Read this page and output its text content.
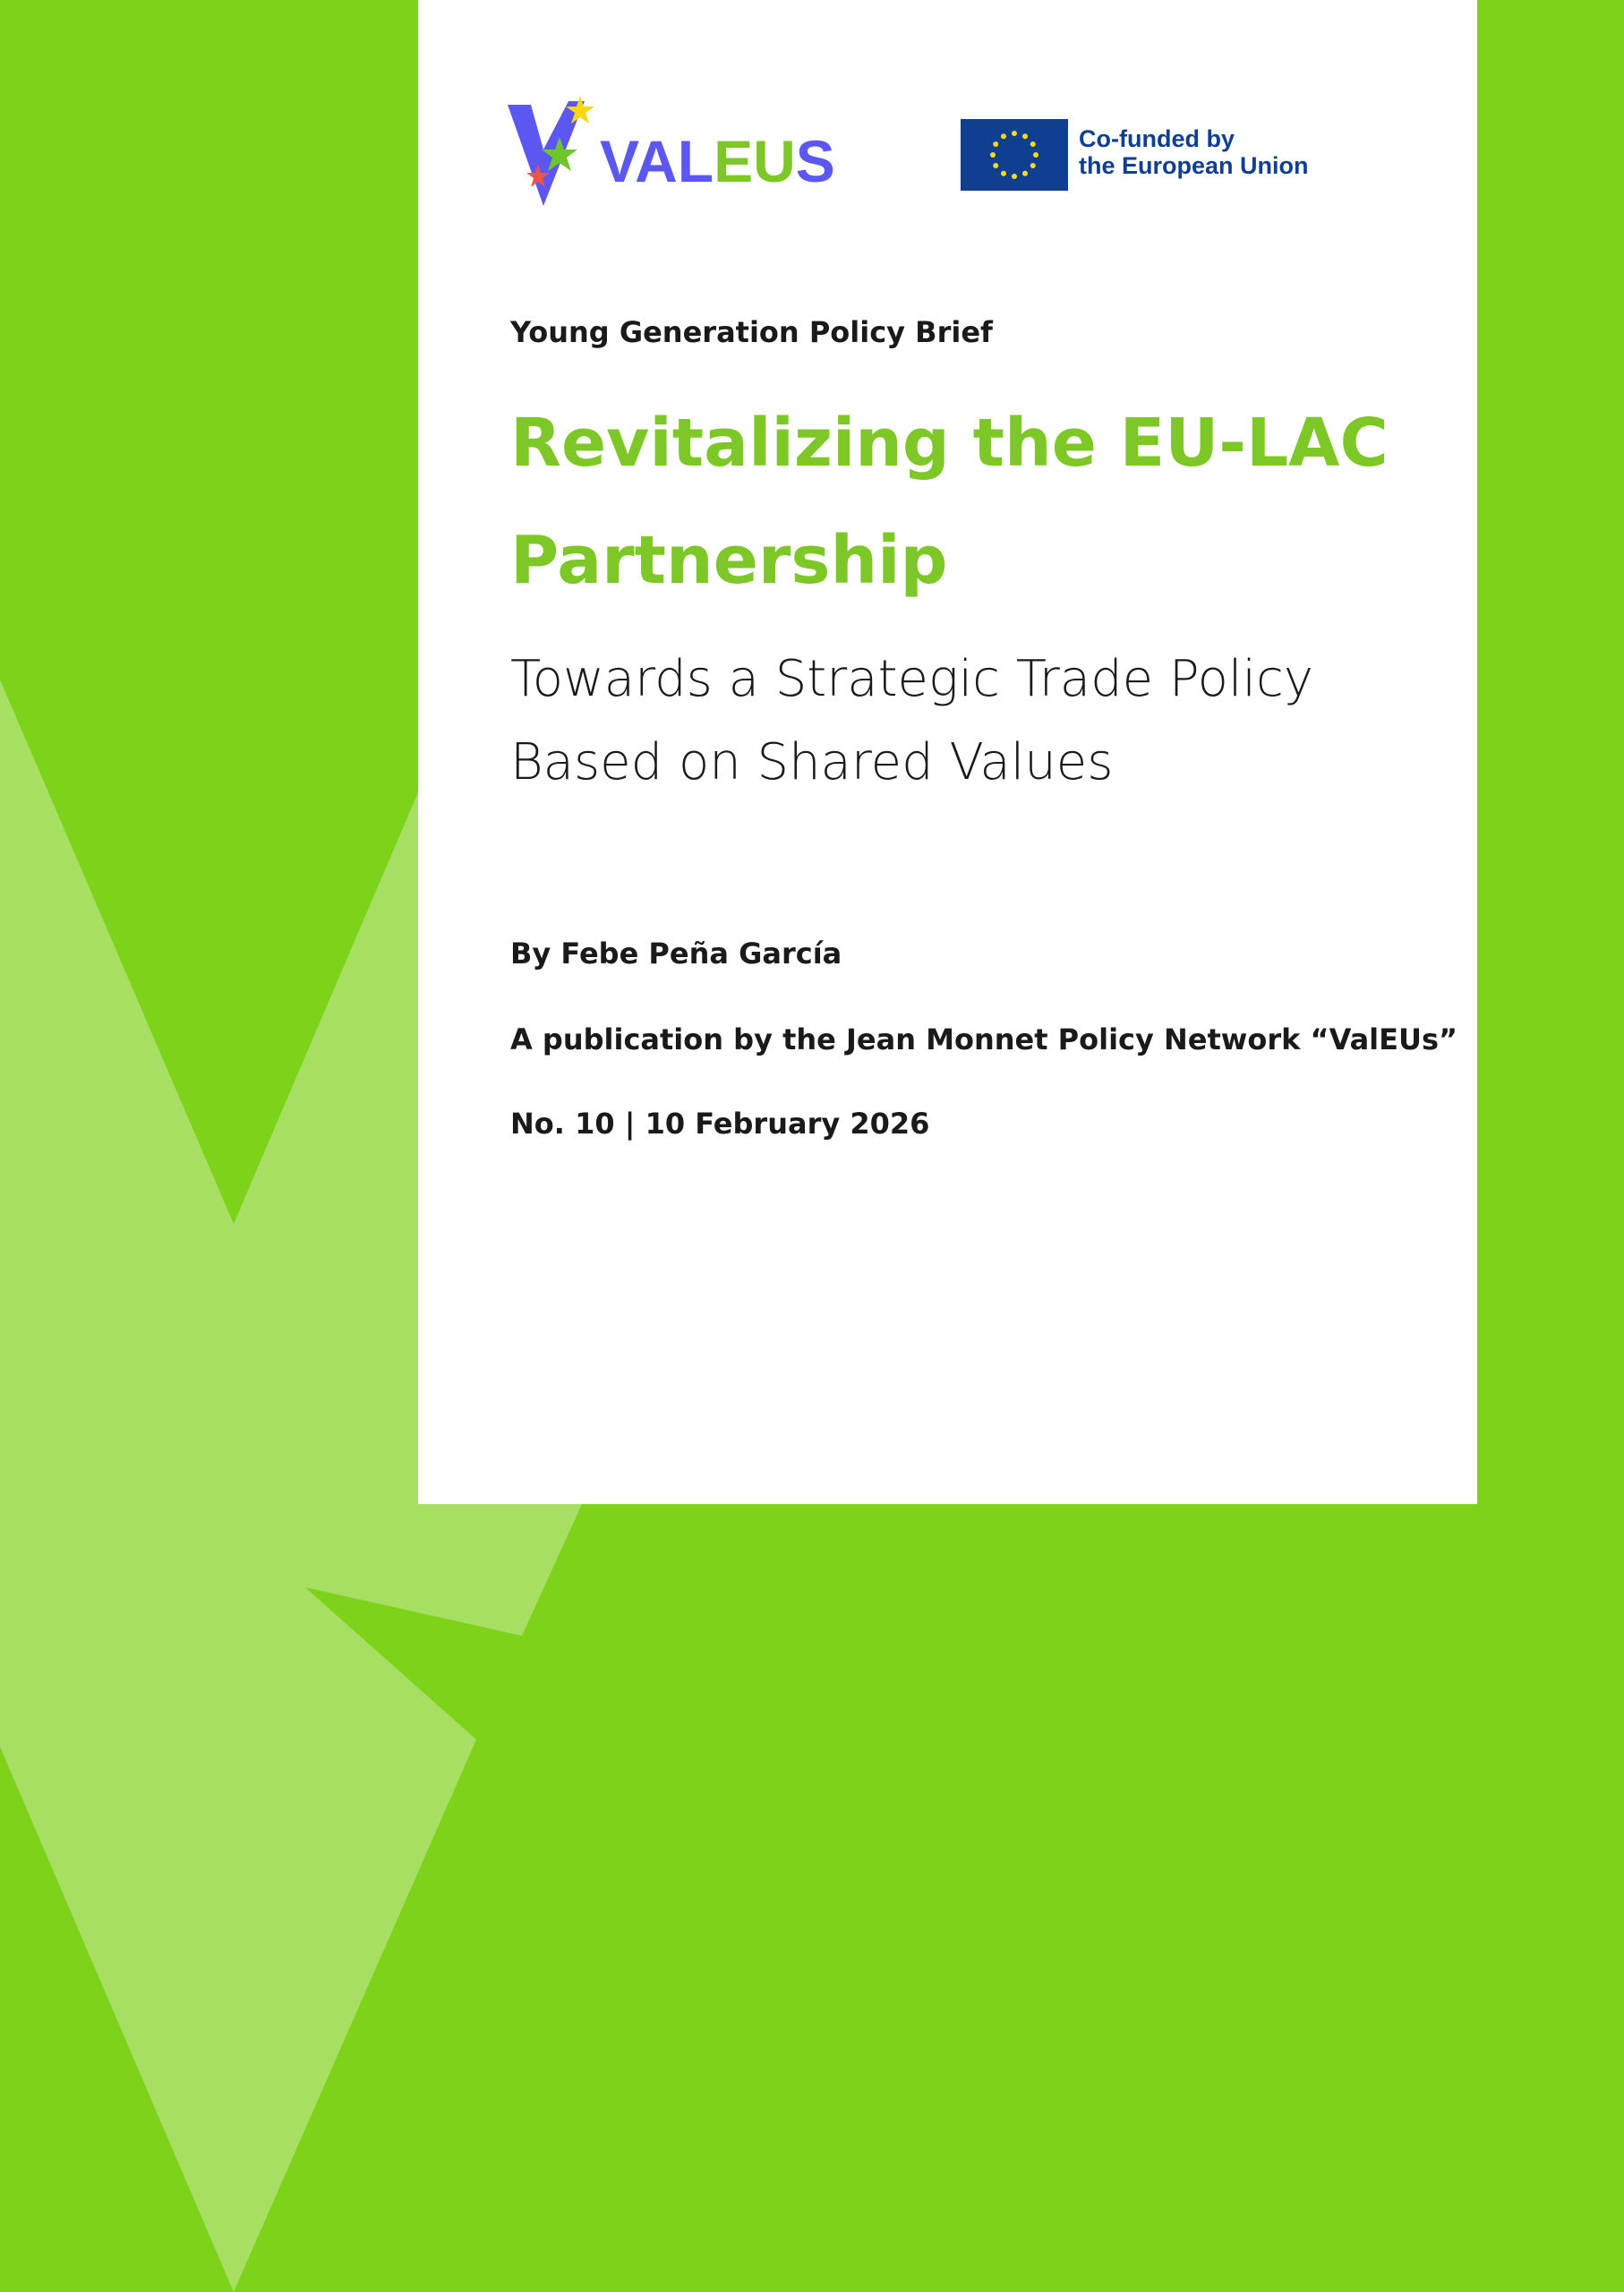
VALEUS	Co-funded by
the European Union
Young Generation Policy Brief
Revitalizing the EU-LAC Partnership
Towards a Strategic Trade Policy Based on Shared Values
By Febe Peña García
A publication by the Jean Monnet Policy Network “ValEUs”
No. 10 | 10 February 2026
